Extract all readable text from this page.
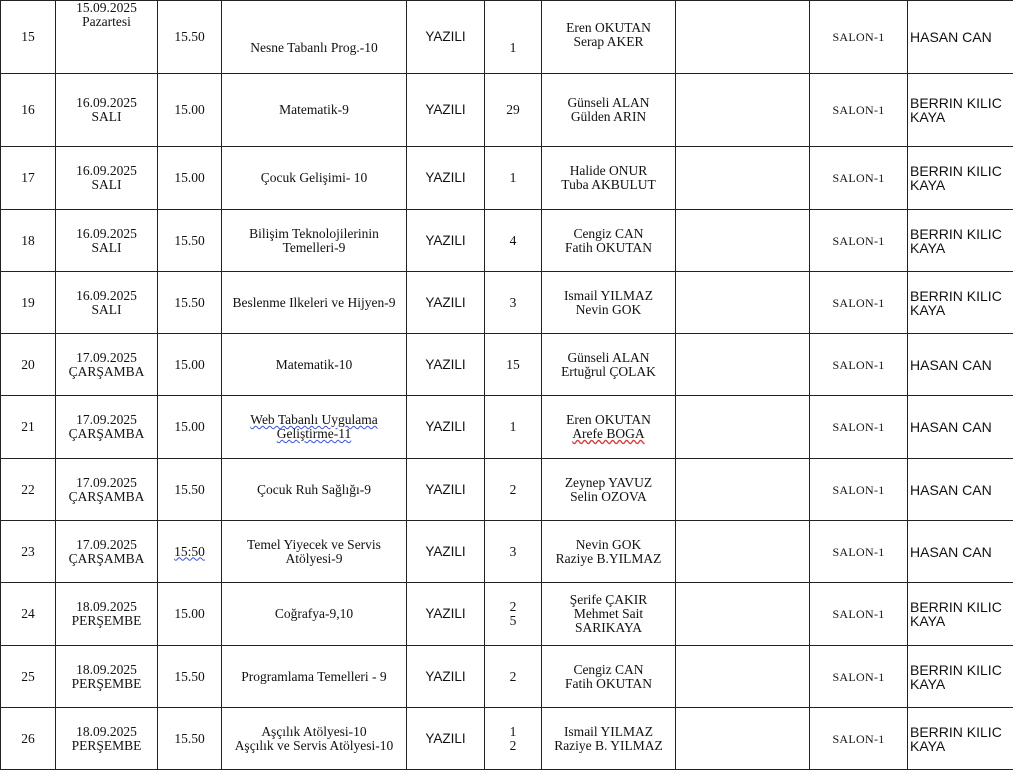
15	15.09.2025
Pazartesi	15.50	Nesne Tabanlı Prog.-10	YAZILI	1	Eren OKUTAN
Serap AKER		SALON-1	HASAN CAN

16	16.09.2025
SALI	15.00	Matematik-9	YAZILI	29	Günseli ALAN
Gülden ARIN		SALON-1	BERRIN KILIC
KAYA

17	16.09.2025
SALI	15.00	Çocuk Gelişimi- 10	YAZILI	1	Halide ONUR
Tuba AKBULUT		SALON-1	BERRIN KILIC
KAYA

18	16.09.2025
SALI	15.50	Bilişim Teknolojilerinin
Temelleri-9	YAZILI	4	Cengiz CAN
Fatih OKUTAN		SALON-1	BERRIN KILIC
KAYA

19	16.09.2025
SALI	15.50	Beslenme Ilkeleri ve Hijyen-9	YAZILI	3	Ismail YILMAZ
Nevin GOK		SALON-1	BERRIN KILIC
KAYA

20	17.09.2025
ÇARŞAMBA	15.00	Matematik-10	YAZILI	15	Günseli ALAN
Ertuğrul ÇOLAK		SALON-1	HASAN CAN

21	17.09.2025
ÇARŞAMBA	15.00	Web Tabanlı Uygulama
Geliştirme-11	YAZILI	1	Eren OKUTAN
Arefe BOGA		SALON-1	HASAN CAN

22	17.09.2025
ÇARŞAMBA	15.50	Çocuk Ruh Sağlığı-9	YAZILI	2	Zeynep YAVUZ
Selin OZOVA		SALON-1	HASAN CAN

23	17.09.2025
ÇARŞAMBA	15:50	Temel Yiyecek ve Servis
Atölyesi-9	YAZILI	3	Nevin GOK
Raziye B.YILMAZ		SALON-1	HASAN CAN

24	18.09.2025
PERŞEMBE	15.00	Coğrafya-9,10	YAZILI	2
5	Şerife ÇAKIR
Mehmet Sait
SARIKAYA		SALON-1	BERRIN KILIC
KAYA

25	18.09.2025
PERŞEMBE	15.50	Programlama Temelleri - 9	YAZILI	2	Cengiz CAN
Fatih OKUTAN		SALON-1	BERRIN KILIC
KAYA

26	18.09.2025
PERŞEMBE	15.50	Aşçılık Atölyesi-10
Aşçılık ve Servis Atölyesi-10	YAZILI	1
2	Ismail YILMAZ
Raziye B. YILMAZ		SALON-1	BERRIN KILIC
KAYA
